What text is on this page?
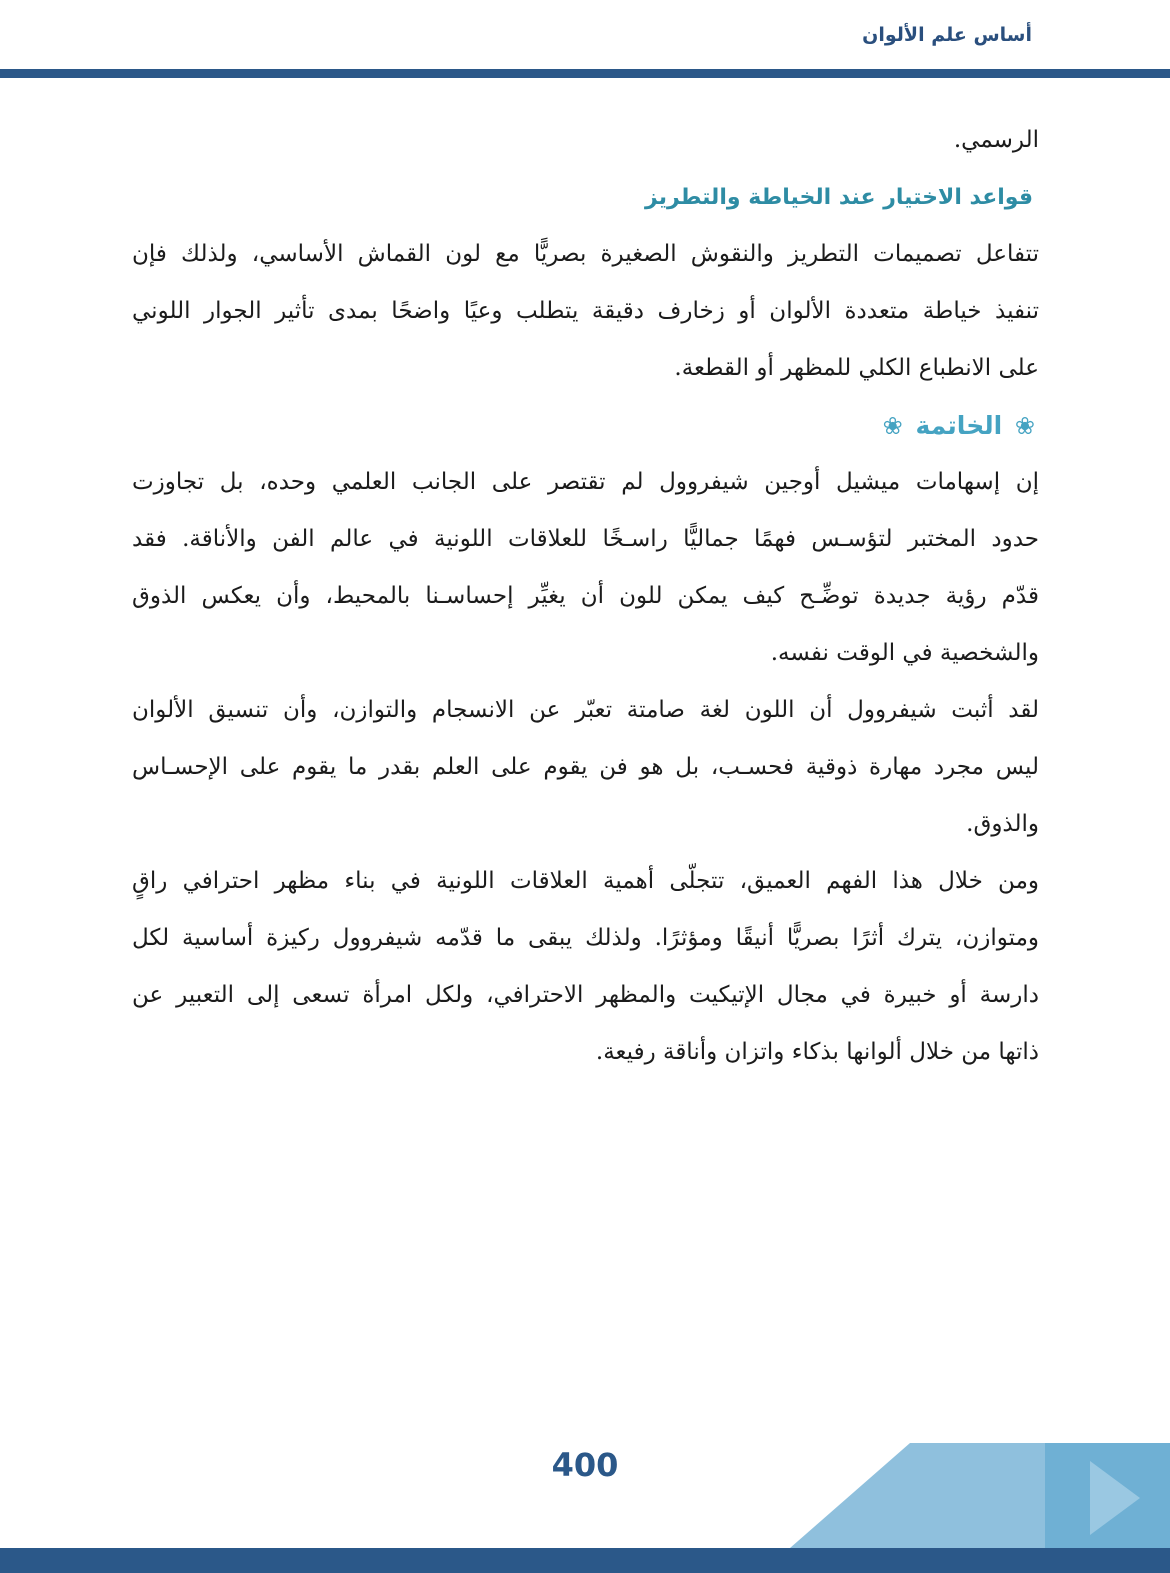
أساس علم الألوان
الرسمي.
قواعد الاختيار عند الخياطة والتطريز
تتفاعل تصميمات التطريز والنقوش الصغيرة بصريًّا مع لون القماش الأساسي، ولذلك فإن
تنفيذ خياطة متعددة الألوان أو زخارف دقيقة يتطلب وعيًا واضحًا بمدى تأثير الجوار اللوني
على الانطباع الكلي للمظهر أو القطعة.
❀ الخاتمة ❀
إن إسهامات ميشيل أوجين شيفروول لم تقتصر على الجانب العلمي وحده، بل تجاوزت
حدود المختبر لتؤسـس فهمًا جماليًّا راسـخًا للعلاقات اللونية في عالم الفن والأناقة. فقد
قدّم رؤية جديدة توضِّـح كيف يمكن للون أن يغيِّر إحساسـنا بالمحيط، وأن يعكس الذوق
والشخصية في الوقت نفسه.
لقد أثبت شيفروول أن اللون لغة صامتة تعبّر عن الانسجام والتوازن، وأن تنسيق الألوان
ليس مجرد مهارة ذوقية فحسـب، بل هو فن يقوم على العلم بقدر ما يقوم على الإحسـاس
والذوق.
ومن خلال هذا الفهم العميق، تتجلّى أهمية العلاقات اللونية في بناء مظهر احترافي راقٍ
ومتوازن، يترك أثرًا بصريًّا أنيقًا ومؤثرًا. ولذلك يبقى ما قدّمه شيفروول ركيزة أساسية لكل
دارسة أو خبيرة في مجال الإتيكيت والمظهر الاحترافي، ولكل امرأة تسعى إلى التعبير عن
ذاتها من خلال ألوانها بذكاء واتزان وأناقة رفيعة.
400
